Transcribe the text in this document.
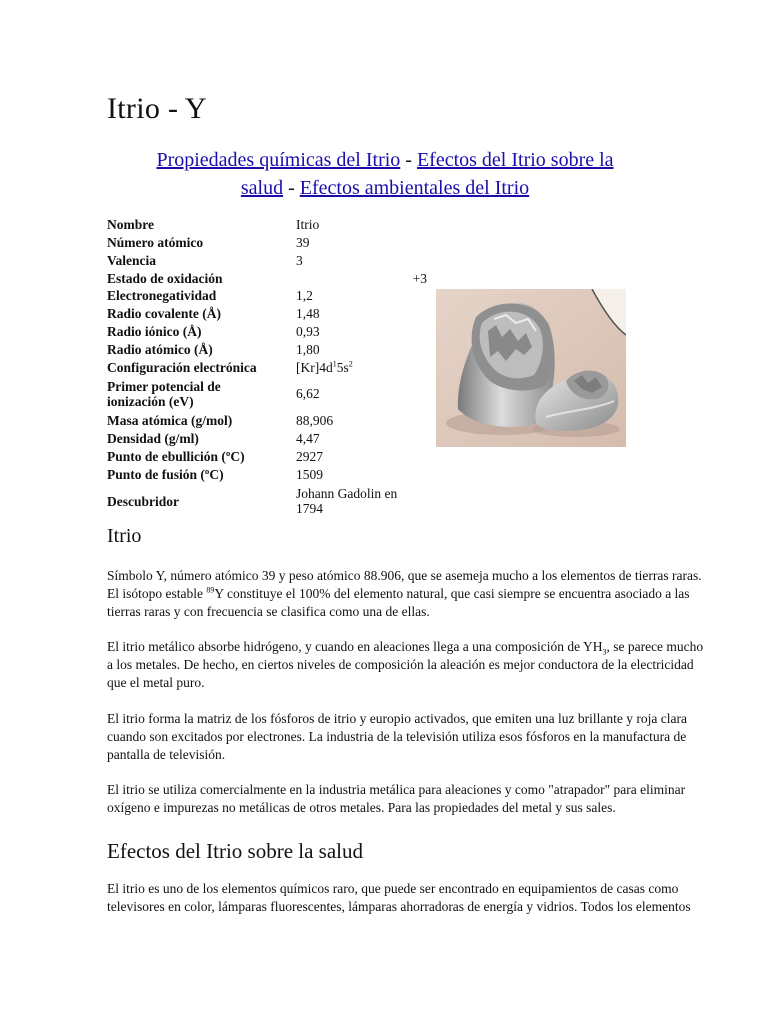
Itrio - Y
Propiedades químicas del Itrio - Efectos del Itrio sobre la
salud - Efectos ambientales del Itrio
Nombre	Itrio
Número atómico	39
Valencia	3
Estado de oxidación	+3
Electronegatividad	1,2
Radio covalente (Å)	1,48
Radio iónico (Å)	0,93
Radio atómico (Å)	1,80
Configuración electrónica	$[Kr]4d^15s^2$
Primer potencial de
ionización (eV)	6,62
Masa atómica (g/mol)	88,906
Densidad (g/ml)	4,47
Punto de ebullición (ºC)	2927
Punto de fusión (ºC)	1509
Descubridor	Johann Gadolin en
1794
Itrio

Símbolo Y, número atómico 39 y peso atómico 88.906, que se asemeja mucho a los elementos de tierras raras.
El isótopo estable $^{89}$Y constituye el 100% del elemento natural, que casi siempre se encuentra asociado a las
tierras raras y con frecuencia se clasifica como una de ellas.

El itrio metálico absorbe hidrógeno, y cuando en aleaciones llega a una composición de $YH_3$, se parece mucho
a los metales. De hecho, en ciertos niveles de composición la aleación es mejor conductora de la electricidad
que el metal puro.

El itrio forma la matriz de los fósforos de itrio y europio activados, que emiten una luz brillante y roja clara
cuando son excitados por electrones. La industria de la televisión utiliza esos fósforos en la manufactura de
pantalla de televisión.

El itrio se utiliza comercialmente en la industria metálica para aleaciones y como "atrapador" para eliminar
oxígeno e impurezas no metálicas de otros metales. Para las propiedades del metal y sus sales.

Efectos del Itrio sobre la salud

El itrio es uno de los elementos químicos raro, que puede ser encontrado en equipamientos de casas como
televisores en color, lámparas fluorescentes, lámparas ahorradoras de energía y vidrios. Todos los elementos
